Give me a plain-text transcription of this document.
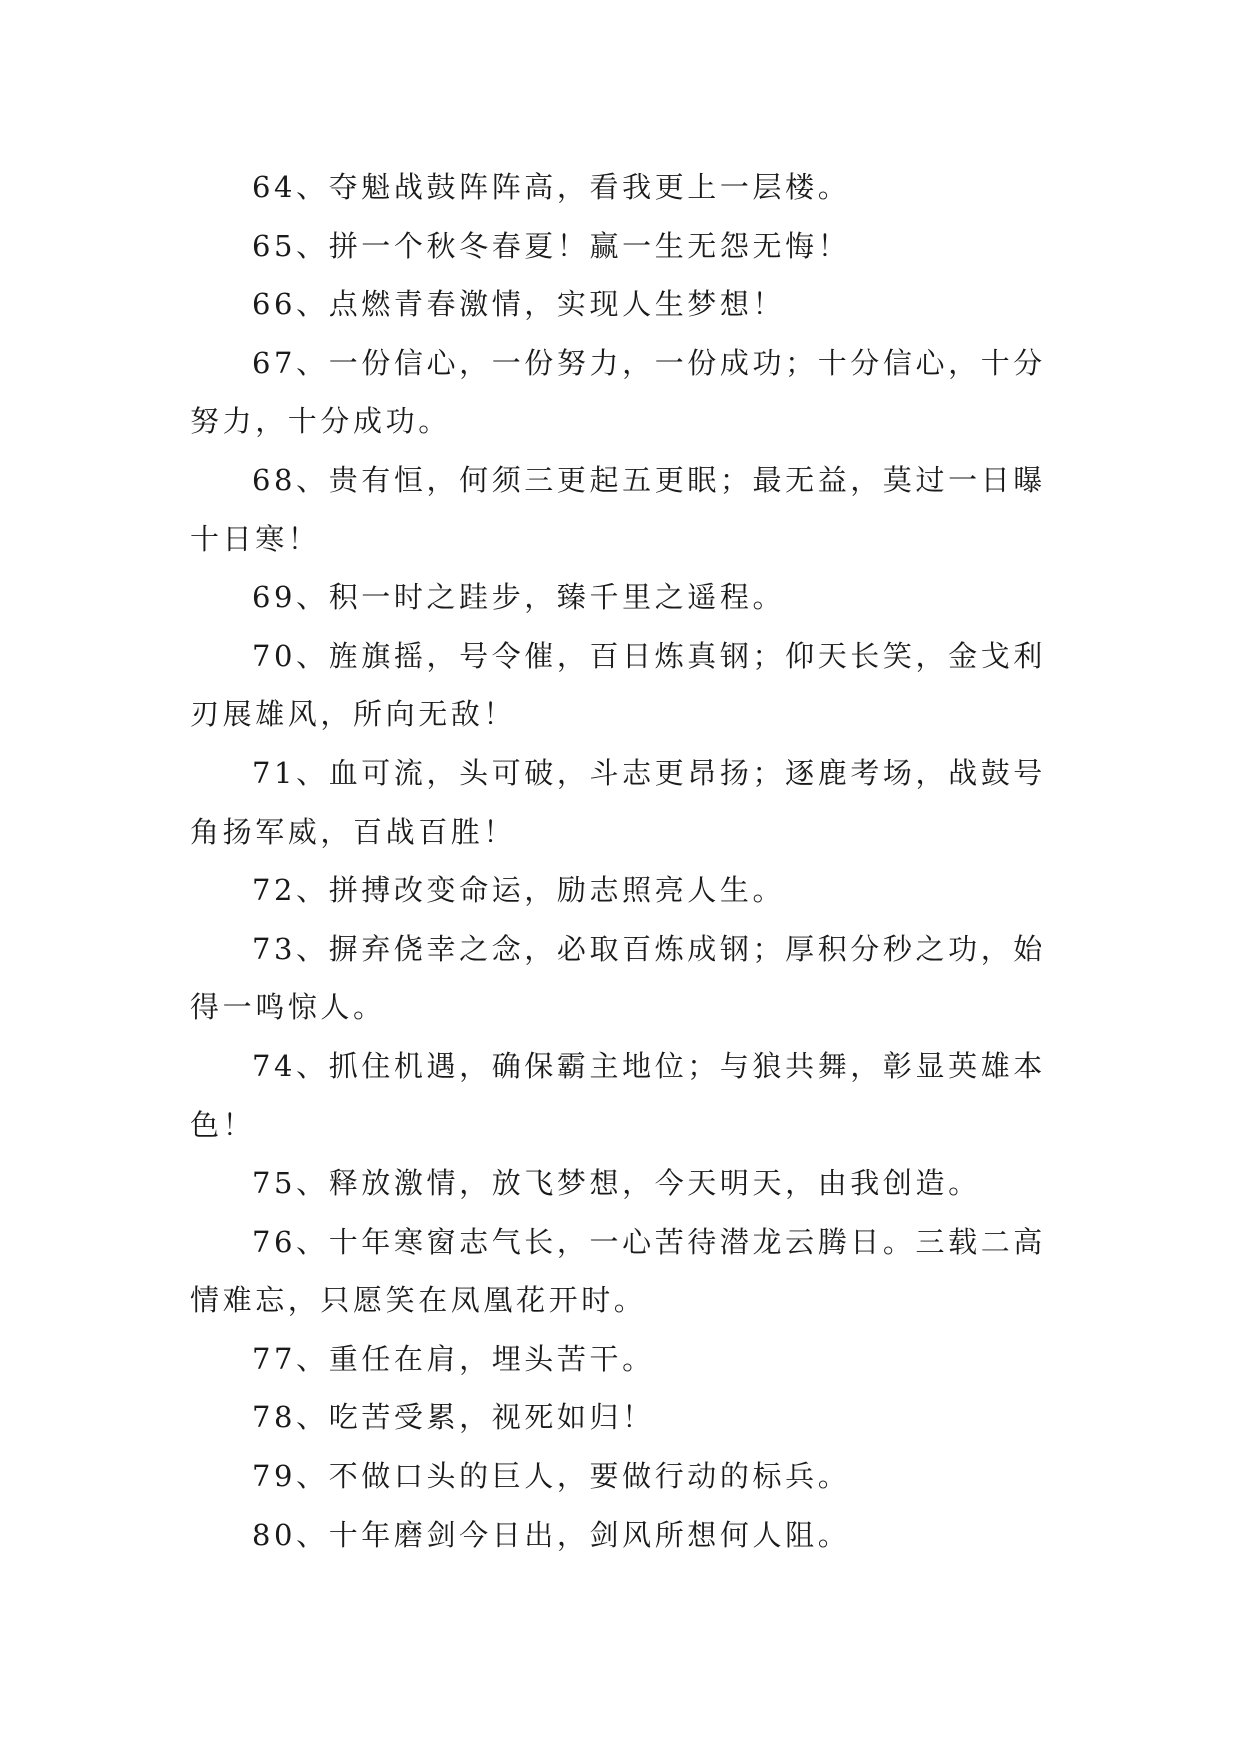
64、夺魁战鼓阵阵高，看我更上一层楼。

65、拼一个秋冬春夏！赢一生无怨无悔！

66、点燃青春激情，实现人生梦想！

67、一份信心，一份努力，一份成功；十分信心，十分努力，十分成功。

68、贵有恒，何须三更起五更眠；最无益，莫过一日曝十日寒！

69、积一时之跬步，臻千里之遥程。

70、旌旗摇，号令催，百日炼真钢；仰天长笑，金戈利刃展雄风，所向无敌！

71、血可流，头可破，斗志更昂扬；逐鹿考场，战鼓号角扬军威，百战百胜！

72、拼搏改变命运，励志照亮人生。

73、摒弃侥幸之念，必取百炼成钢；厚积分秒之功，始得一鸣惊人。

74、抓住机遇，确保霸主地位；与狼共舞，彰显英雄本色！

75、释放激情，放飞梦想，今天明天，由我创造。

76、十年寒窗志气长，一心苦待潜龙云腾日。三载二高情难忘，只愿笑在凤凰花开时。

77、重任在肩，埋头苦干。

78、吃苦受累，视死如归！

79、不做口头的巨人，要做行动的标兵。

80、十年磨剑今日出，剑风所想何人阻。
